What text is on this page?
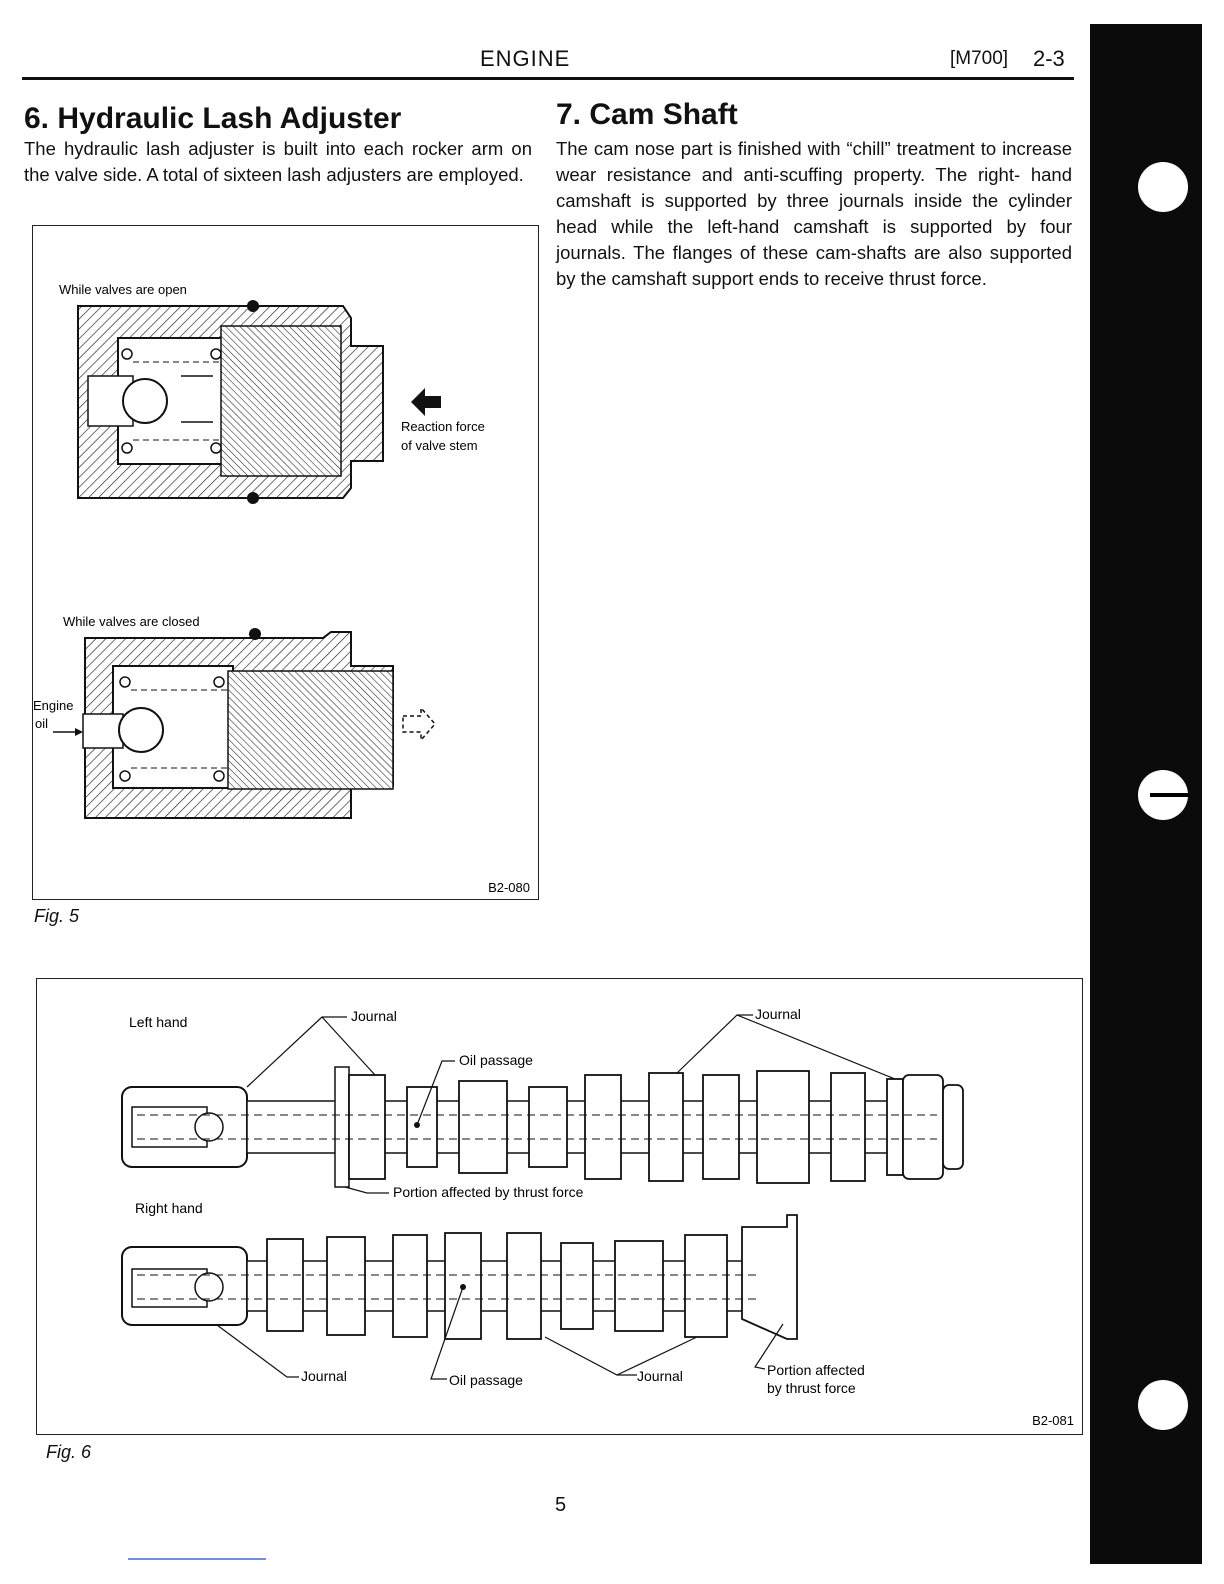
ENGINE	[M700] 2-3
6. Hydraulic Lash Adjuster
The hydraulic lash adjuster is built into each rocker arm on the valve side. A total of sixteen lash adjusters are employed.
7. Cam Shaft
The cam nose part is finished with “chill” treatment to increase wear resistance and anti-scuffing property. The right- hand camshaft is supported by three journals inside the cylinder head while the left-hand camshaft is supported by four journals. The flanges of these cam-shafts are also supported by the camshaft support ends to receive thrust force.
While valves are open
Reaction force
of valve stem
While valves are closed
Engine
oil
B2-080
Fig. 5
Left hand	Journal	Journal
Oil passage
Portion affected by thrust force
Right hand
Journal	Oil passage	Journal	Portion affected
by thrust force
B2-081
Fig. 6
5
